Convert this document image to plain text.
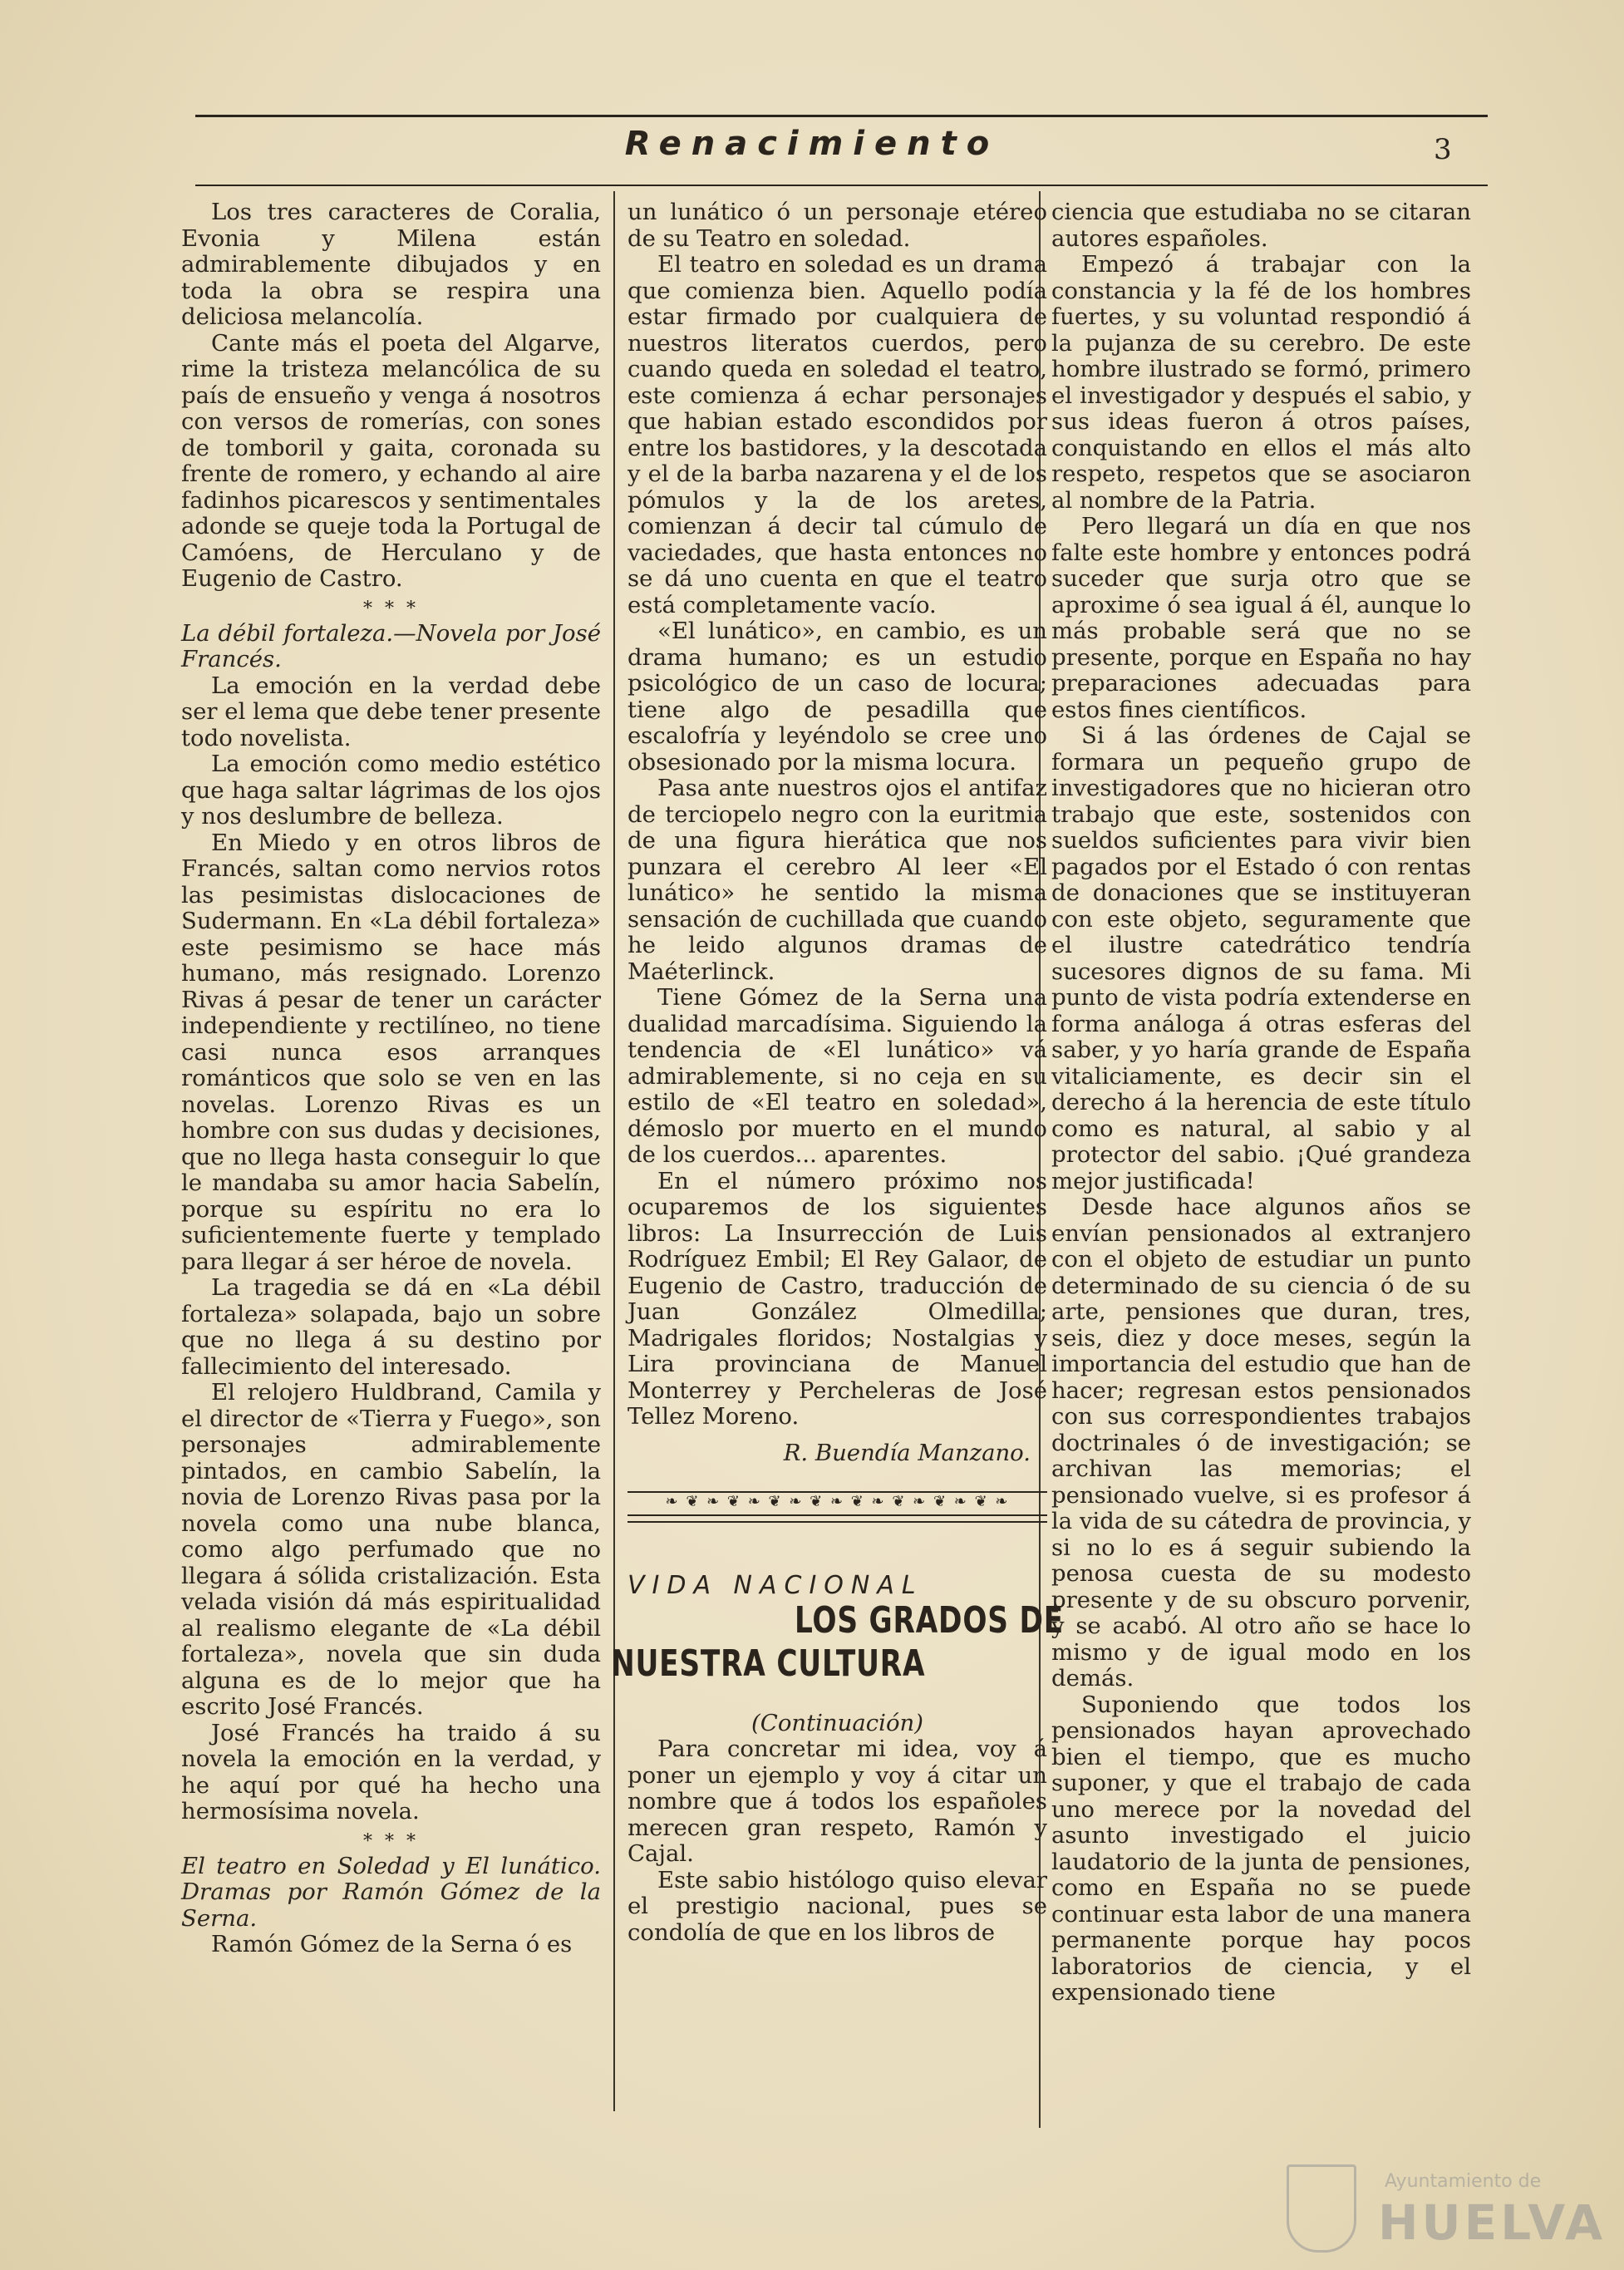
Renacimiento	3

Los tres caracteres de Coralia, Evonia y Milena están admirablemente dibujados y en toda la obra se respira una deliciosa melancolía.

Cante más el poeta del Algarve, rime la tristeza melancólica de su país de ensueño y venga á nosotros con versos de romerías, con sones de tomboril y gaita, coronada su frente de romero, y echando al aire fadinhos picarescos y sentimentales adonde se queje toda la Portugal de Camóens, de Herculano y de Eugenio de Castro.

* * *

La débil fortaleza.—Novela por José Francés.

La emoción en la verdad debe ser el lema que debe tener presente todo novelista.

La emoción como medio estético que haga saltar lágrimas de los ojos y nos deslumbre de belleza.

En Miedo y en otros libros de Francés, saltan como nervios rotos las pesimistas dislocaciones de Sudermann. En «La débil fortaleza» este pesimismo se hace más humano, más resignado. Lorenzo Rivas á pesar de tener un carácter independiente y rectilíneo, no tiene casi nunca esos arranques románticos que solo se ven en las novelas. Lorenzo Rivas es un hombre con sus dudas y decisiones, que no llega hasta conseguir lo que le mandaba su amor hacia Sabelín, porque su espíritu no era lo suficientemente fuerte y templado para llegar á ser héroe de novela.

La tragedia se dá en «La débil fortaleza» solapada, bajo un sobre que no llega á su destino por fallecimiento del interesado.

El relojero Huldbrand, Camila y el director de «Tierra y Fuego», son personajes admirablemente pintados, en cambio Sabelín, la novia de Lorenzo Rivas pasa por la novela como una nube blanca, como algo perfumado que no llegara á sólida cristalización. Esta velada visión dá más espiritualidad al realismo elegante de «La débil fortaleza», novela que sin duda alguna es de lo mejor que ha escrito José Francés.

José Francés ha traido á su novela la emoción en la verdad, y he aquí por qué ha hecho una hermosísima novela.

* * *

El teatro en Soledad y El lunático. Dramas por Ramón Gómez de la Serna.

Ramón Gómez de la Serna ó es

un lunático ó un personaje etéreo de su Teatro en soledad.

El teatro en soledad es un drama que comienza bien. Aquello podía estar firmado por cualquiera de nuestros literatos cuerdos, pero cuando queda en soledad el teatro, este comienza á echar personajes que habian estado escondidos por entre los bastidores, y la descotada y el de la barba nazarena y el de los pómulos y la de los aretes, comienzan á decir tal cúmulo de vaciedades, que hasta entonces no se dá uno cuenta en que el teatro está completamente vacío.

«El lunático», en cambio, es un drama humano; es un estudio psicológico de un caso de locura; tiene algo de pesadilla que escalofría y leyéndolo se cree uno obsesionado por la misma locura.

Pasa ante nuestros ojos el antifaz de terciopelo negro con la euritmia de una figura hierática que nos punzara el cerebro Al leer «El lunático» he sentido la misma sensación de cuchillada que cuando he leido algunos dramas de Maéterlinck.

Tiene Gómez de la Serna una dualidad marcadísima. Siguiendo la tendencia de «El lunático» vá admirablemente, si no ceja en su estilo de «El teatro en soledad», démoslo por muerto en el mundo de los cuerdos... aparentes.

En el número próximo nos ocuparemos de los siguientes libros: La Insurrección de Luis Rodríguez Embil; El Rey Galaor, de Eugenio de Castro, traducción de Juan González Olmedilla; Madrigales floridos; Nostalgias y Lira provinciana de Manuel Monterrey y Percheleras de José Tellez Moreno.

R. Buendía Manzano.

❧ ❦ ❧ ❦ ❧ ❦ ❧ ❦ ❧ ❦ ❧ ❦ ❧ ❦ ❧ ❦ ❧

VIDA NACIONAL

LOS GRADOS DE
NUESTRA CULTURA

(Continuación)

Para concretar mi idea, voy á poner un ejemplo y voy á citar un nombre que á todos los españoles merecen gran respeto, Ramón y Cajal.

Este sabio histólogo quiso elevar el prestigio nacional, pues se condolía de que en los libros de

ciencia que estudiaba no se citaran autores españoles.

Empezó á trabajar con la constancia y la fé de los hombres fuertes, y su voluntad respondió á la pujanza de su cerebro. De este hombre ilustrado se formó, primero el investigador y después el sabio, y sus ideas fueron á otros países, conquistando en ellos el más alto respeto, respetos que se asociaron al nombre de la Patria.

Pero llegará un día en que nos falte este hombre y entonces podrá suceder que surja otro que se aproxime ó sea igual á él, aunque lo más probable será que no se presente, porque en España no hay preparaciones adecuadas para estos fines científicos.

Si á las órdenes de Cajal se formara un pequeño grupo de investigadores que no hicieran otro trabajo que este, sostenidos con sueldos suficientes para vivir bien pagados por el Estado ó con rentas de donaciones que se instituyeran con este objeto, seguramente que el ilustre catedrático tendría sucesores dignos de su fama. Mi punto de vista podría extenderse en forma análoga á otras esferas del saber, y yo haría grande de España vitaliciamente, es decir sin el derecho á la herencia de este título como es natural, al sabio y al protector del sabio. ¡Qué grandeza mejor justificada!

Desde hace algunos años se envían pensionados al extranjero con el objeto de estudiar un punto determinado de su ciencia ó de su arte, pensiones que duran, tres, seis, diez y doce meses, según la importancia del estudio que han de hacer; regresan estos pensionados con sus correspondientes trabajos doctrinales ó de investigación; se archivan las memorias; el pensionado vuelve, si es profesor á la vida de su cátedra de provincia, y si no lo es á seguir subiendo la penosa cuesta de su modesto presente y de su obscuro porvenir, y se acabó. Al otro año se hace lo mismo y de igual modo en los demás.

Suponiendo que todos los pensionados hayan aprovechado bien el tiempo, que es mucho suponer, y que el trabajo de cada uno merece por la novedad del asunto investigado el juicio laudatorio de la junta de pensiones, como en España no se puede continuar esta labor de una manera permanente porque hay pocos laboratorios de ciencia, y el expensionado tiene

Ayuntamiento de
HUELVA
